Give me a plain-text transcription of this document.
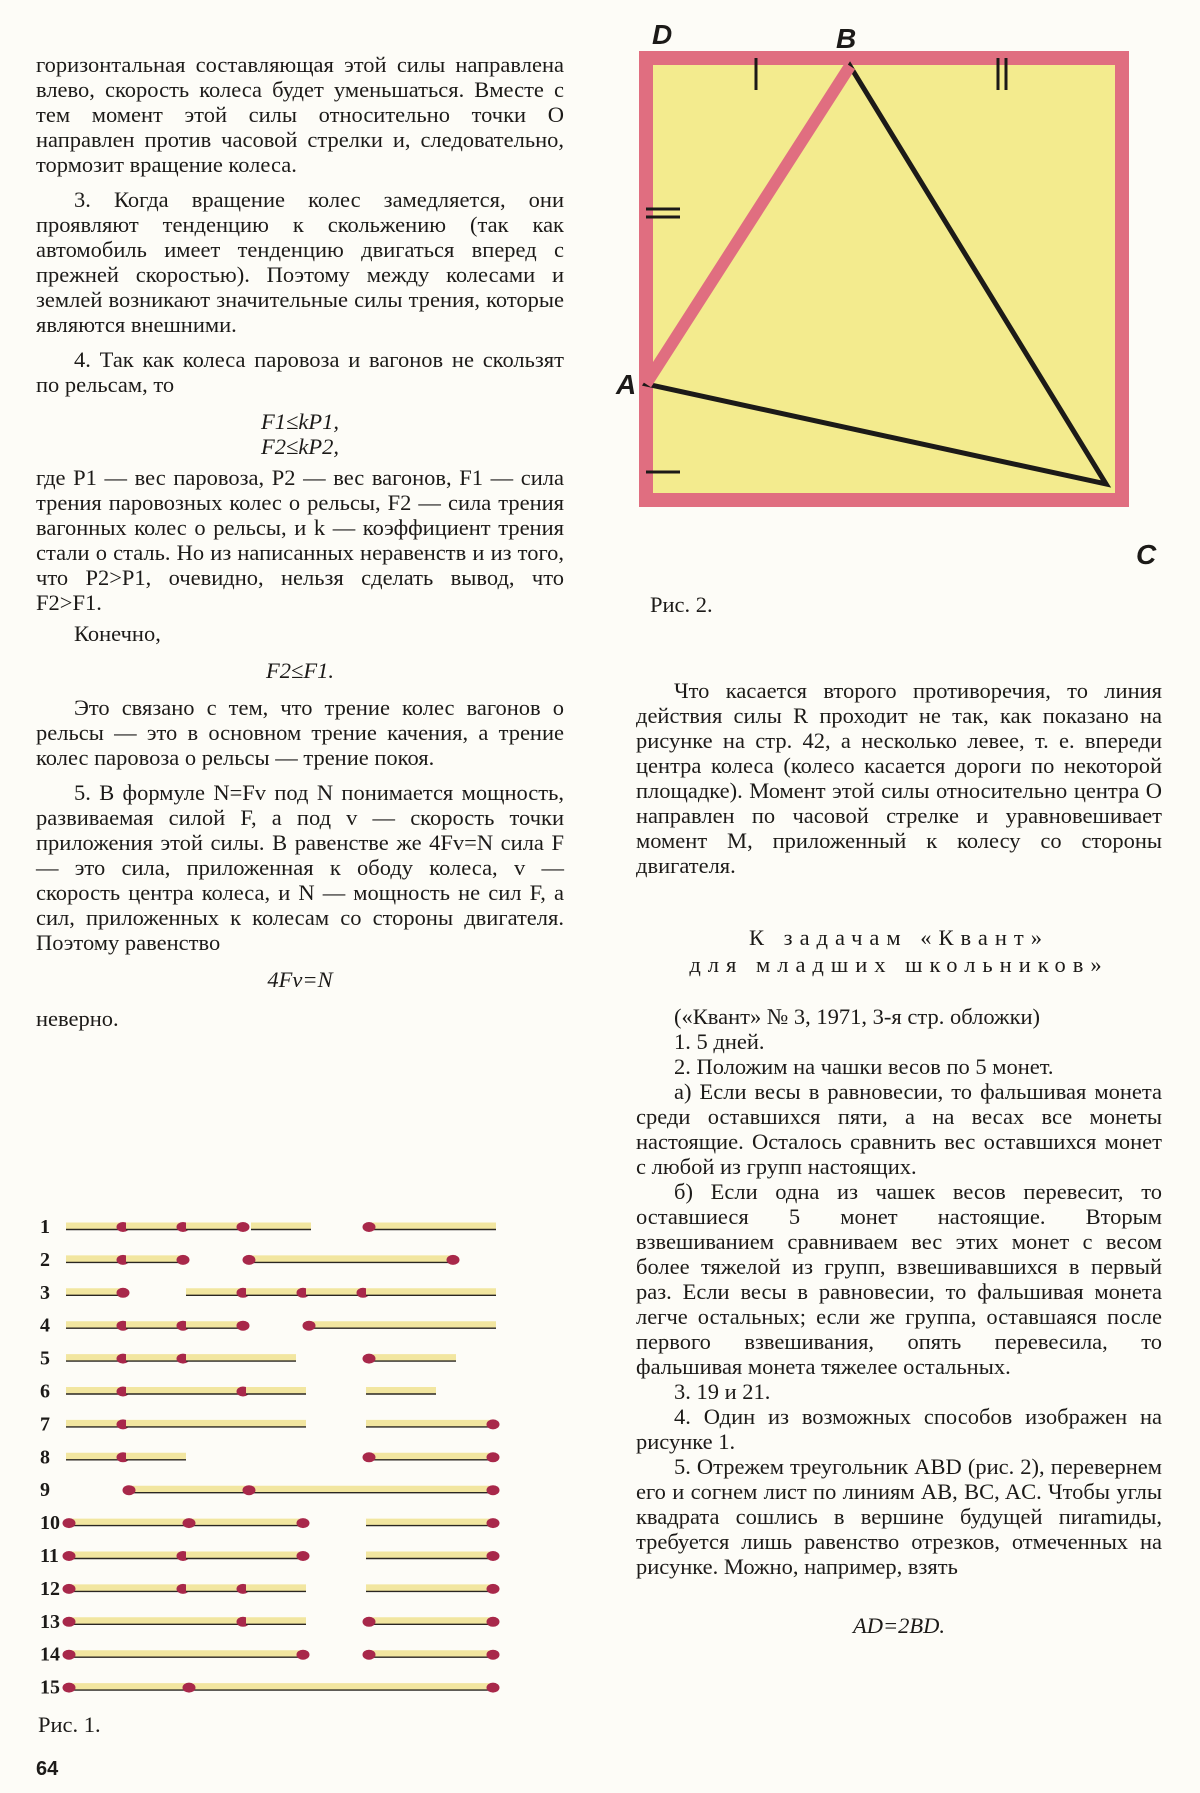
горизонтальная составляющая этой силы направлена влево, скорость колеса будет уменьшаться. Вместе с тем момент этой силы относительно точки O направлен против часовой стрелки и, следовательно, тормозит вращение колеса.

3. Когда вращение колес замедляется, они проявляют тенденцию к скольжению (так как автомобиль имеет тенденцию двигаться вперед с прежней скоростью). Поэтому между колесами и землей возникают значительные силы трения, которые являются внешними.

4. Так как колеса паровоза и вагонов не скользят по рельсам, то

F1≤kP1,

F2≤kP2,

где P1 — вес паровоза, P2 — вес вагонов, F1 — сила трения паровозных колес о рельсы, F2 — сила трения вагонных колес о рельсы, и k — коэффициент трения стали о сталь. Но из написанных неравенств и из того, что P2>P1, очевидно, нельзя сделать вывод, что F2>F1.

Конечно,

F2≤F1.

Это связано с тем, что трение колес вагонов о рельсы — это в основном трение качения, а трение колес паровоза о рельсы — трение покоя.

5. В формуле N=Fv под N понимается мощность, развиваемая силой F, а под v — скорость точки приложения этой силы. В равенстве же 4Fv=N сила F — это сила, приложенная к ободу колеса, v — скорость центра колеса, и N — мощность не сил F, а сил, приложенных к колесам со стороны двигателя. Поэтому равенство

4Fv=N

неверно.

D	B
A
C
Рис. 2.

Что касается второго противоречия, то линия действия силы R проходит не так, как показано на рисунке на стр. 42, а несколько левее, т. е. впереди центра колеса (колесо касается дороги по некоторой площадке). Момент этой силы относительно центра O направлен по часовой стрелке и уравновешивает момент M, приложенный к колесу со стороны двигателя.

К задачам «Квант»
для младших школьников»

(«Квант» № 3, 1971, 3-я стр. обложки)

1. 5 дней.

2. Положим на чашки весов по 5 монет.

а) Если весы в равновесии, то фальшивая монета среди оставшихся пяти, а на весах все монеты настоящие. Осталось сравнить вес оставшихся монет с любой из групп настоящих.

б) Если одна из чашек весов перевесит, то оставшиеся 5 монет настоящие. Вторым взвешиванием сравниваем вес этих монет с весом более тяжелой из групп, взвешивавшихся в первый раз. Если весы в равновесии, то фальшивая монета легче остальных; если же группа, оставшаяся после первого взвешивания, опять перевесила, то фальшивая монета тяжелее остальных.

3. 19 и 21.

4. Один из возможных способов изображен на рисунке 1.

5. Отрежем треугольник ABD (рис. 2), перевернем его и согнем лист по линиям AB, BC, AC. Чтобы углы квадрата сошлись в вершине будущей пиramиды, требуется лишь равенство отрезков, отмеченных на рисунке. Можно, например, взять

AD=2BD.

1
2
3
4
5
6
7
8
9
10
11
12
13
14
15
Рис. 1.
64
